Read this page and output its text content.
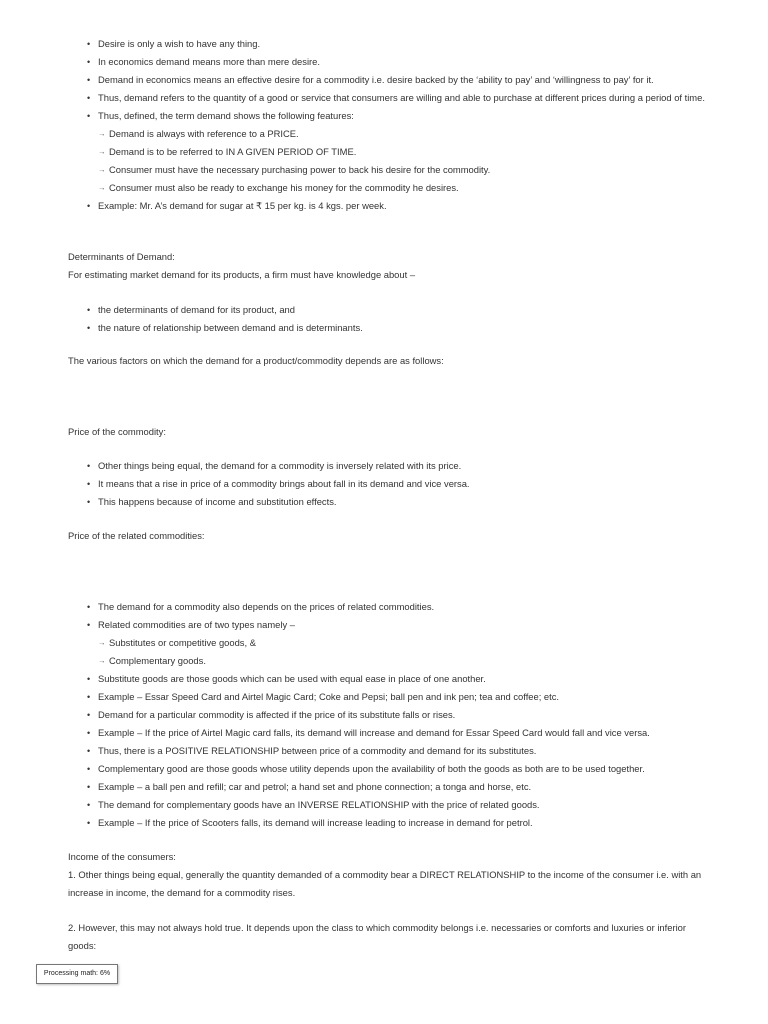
• Desire is only a wish to have any thing.
• In economics demand means more than mere desire.
• Demand in economics means an effective desire for a commodity i.e. desire backed by the ‘ability to pay’ and ‘willingness to pay’ for it.
• Thus, demand refers to the quantity of a good or service that consumers are willing and able to purchase at different prices during a period of time.
• Thus, defined, the term demand shows the following features:
→ Demand is always with reference to a PRICE.
→ Demand is to be referred to IN A GIVEN PERIOD OF TIME.
→ Consumer must have the necessary purchasing power to back his desire for the commodity.
→ Consumer must also be ready to exchange his money for the commodity he desires.
• Example: Mr. A’s demand for sugar at ₹ 15 per kg. is 4 kgs. per week.
Determinants of Demand:
For estimating market demand for its products, a firm must have knowledge about –
• the determinants of demand for its product, and
• the nature of relationship between demand and is determinants.
The various factors on which the demand for a product/commodity depends are as follows:
Price of the commodity:
• Other things being equal, the demand for a commodity is inversely related with its price.
• It means that a rise in price of a commodity brings about fall in its demand and vice versa.
• This happens because of income and substitution effects.
Price of the related commodities:
• The demand for a commodity also depends on the prices of related commodities.
• Related commodities are of two types namely –
→ Substitutes or competitive goods, &
→ Complementary goods.
• Substitute goods are those goods which can be used with equal ease in place of one another.
• Example – Essar Speed Card and Airtel Magic Card; Coke and Pepsi; ball pen and ink pen; tea and coffee; etc.
• Demand for a particular commodity is affected if the price of its substitute falls or rises.
• Example – If the price of Airtel Magic card falls, its demand will increase and demand for Essar Speed Card would fall and vice versa.
• Thus, there is a POSITIVE RELATIONSHIP between price of a commodity and demand for its substitutes.
• Complementary good are those goods whose utility depends upon the availability of both the goods as both are to be used together.
• Example – a ball pen and refill; car and petrol; a hand set and phone connection; a tonga and horse, etc.
• The demand for complementary goods have an INVERSE RELATIONSHIP with the price of related goods.
• Example – If the price of Scooters falls, its demand will increase leading to increase in demand for petrol.
Income of the consumers:
1. Other things being equal, generally the quantity demanded of a commodity bear a DIRECT RELATIONSHIP to the income of the consumer i.e. with an increase in income, the demand for a commodity rises.
2. However, this may not always hold true. It depends upon the class to which commodity belongs i.e. necessaries or comforts and luxuries or inferior goods:
Processing math: 6%
